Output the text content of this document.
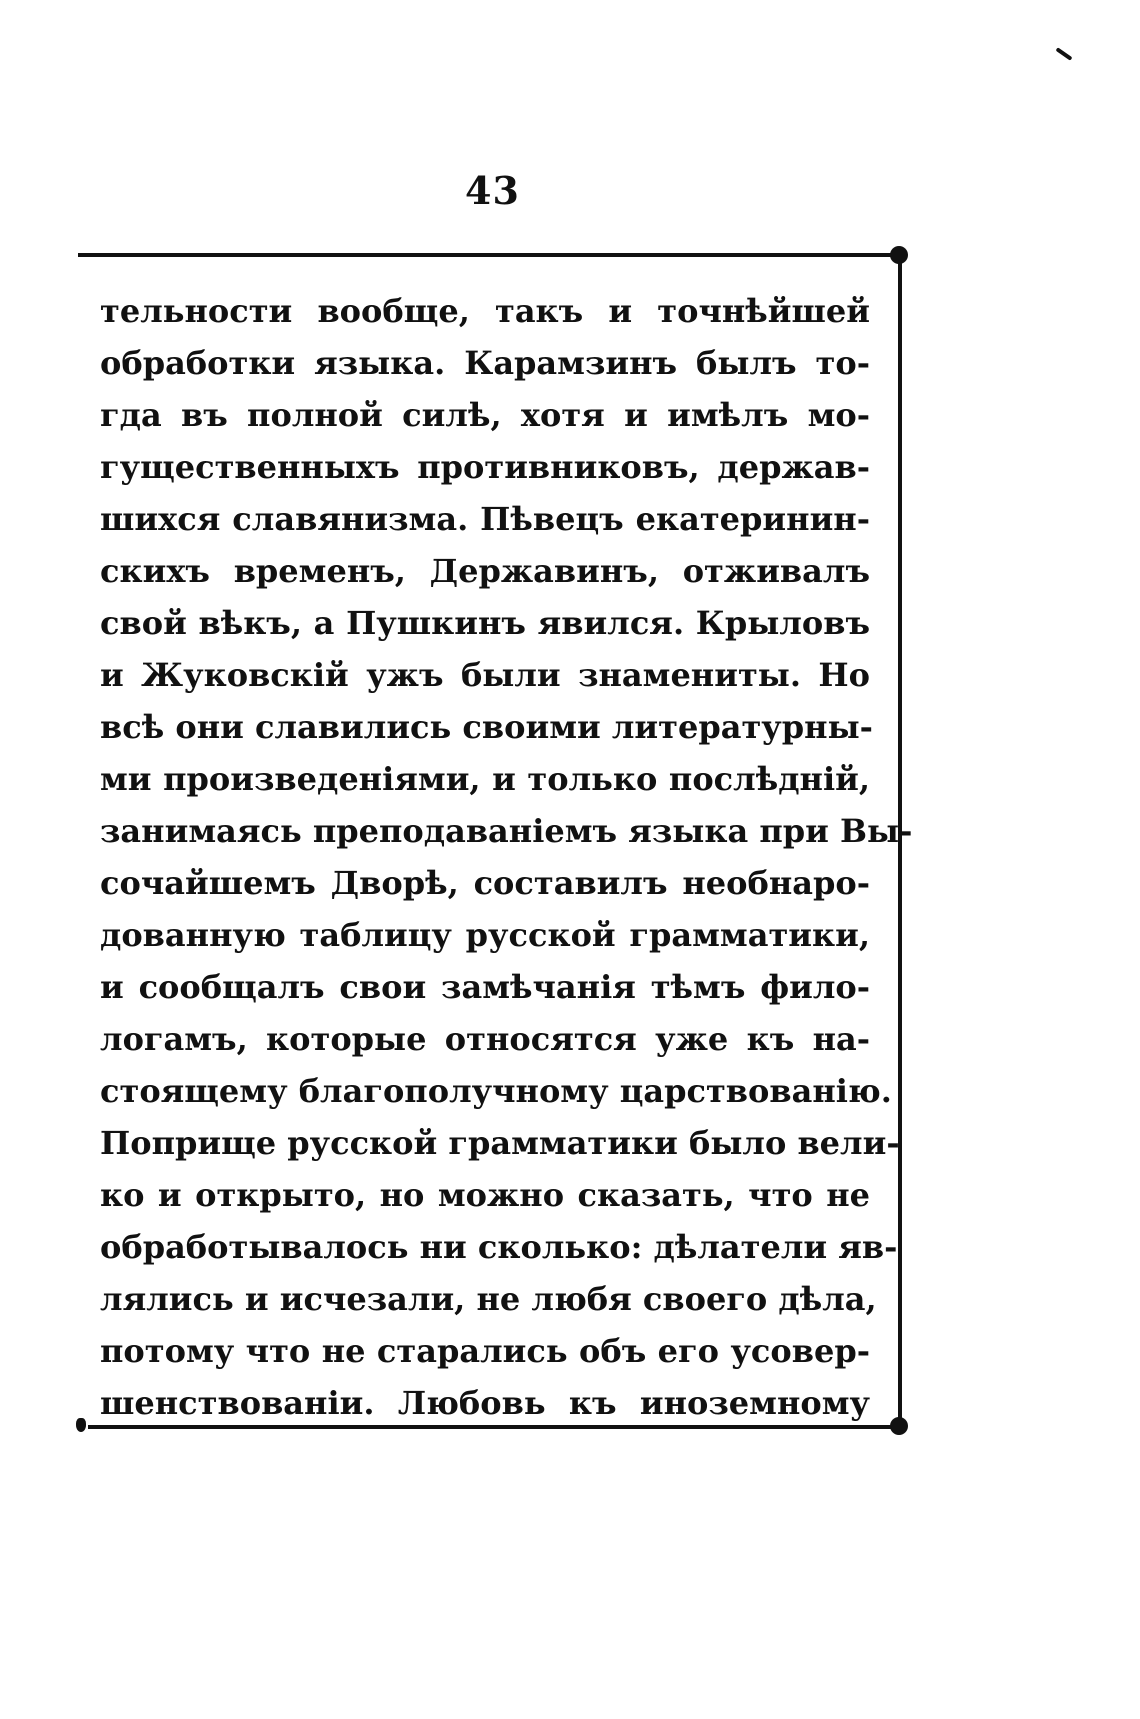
43
тельности вообще, такъ и точнѣйшей
обработки языка. Карамзинъ былъ то-
гда въ полной силѣ, хотя и имѣлъ мо-
гущественныхъ противниковъ, держав-
шихся славянизма. Пѣвецъ екатеринин-
скихъ временъ, Державинъ, отживалъ
свой вѣкъ, а Пушкинъ явился. Крыловъ
и Жуковскій ужъ были знамениты. Но
всѣ они славились своими литературны-
ми произведеніями, и только послѣдній,
занимаясь преподаваніемъ языка при Вы-
сочайшемъ Дворѣ, составилъ необнаро-
дованную таблицу русской грамматики,
и сообщалъ свои замѣчанія тѣмъ фило-
логамъ, которые относятся уже къ на-
стоящему благополучному царствованію.
Поприще русской грамматики было вели-
ко и открыто, но можно сказать, что не
обработывалось ни сколько: дѣлатели яв-
лялись и исчезали, не любя своего дѣла,
потому что не старались объ его усовер-
шенствованіи. Любовь къ иноземному
